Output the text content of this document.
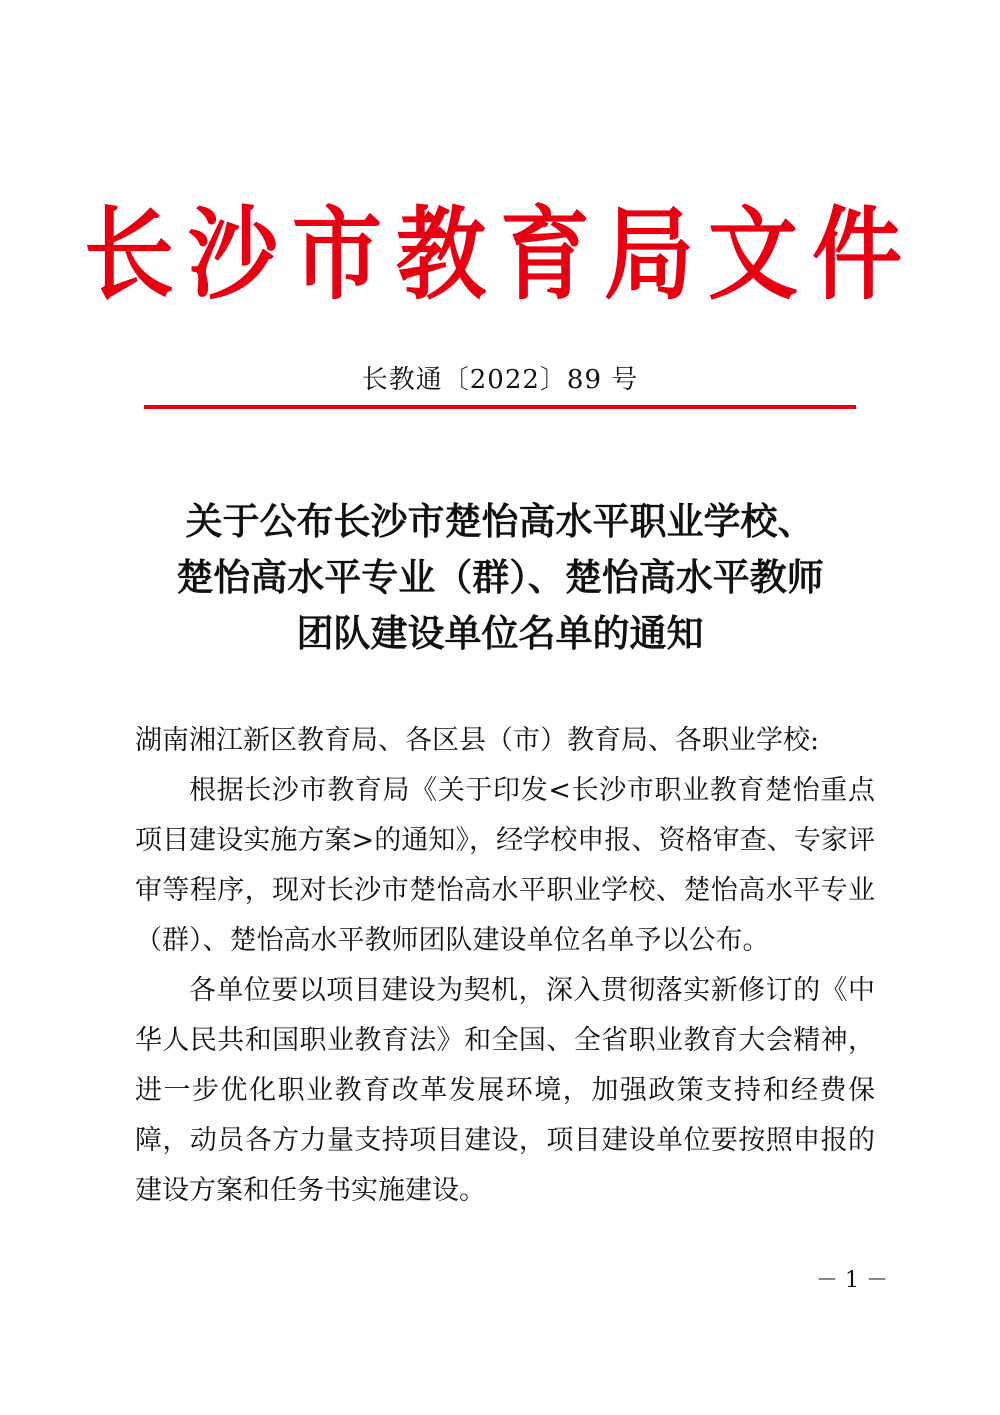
长沙市教育局文件
长教通〔2022〕89 号
关于公布长沙市楚怡高水平职业学校、
楚怡高水平专业（群）、楚怡高水平教师
团队建设单位名单的通知

湖南湘江新区教育局、各区县（市）教育局、各职业学校:

根据长沙市教育局《关于印发<长沙市职业教育楚怡重点项目建设实施方案>的通知》，经学校申报、资格审查、专家评审等程序，现对长沙市楚怡高水平职业学校、楚怡高水平专业（群）、楚怡高水平教师团队建设单位名单予以公布。

各单位要以项目建设为契机，深入贯彻落实新修订的《中华人民共和国职业教育法》和全国、全省职业教育大会精神，进一步优化职业教育改革发展环境，加强政策支持和经费保障，动员各方力量支持项目建设，项目建设单位要按照申报的建设方案和任务书实施建设。

－ 1 －
